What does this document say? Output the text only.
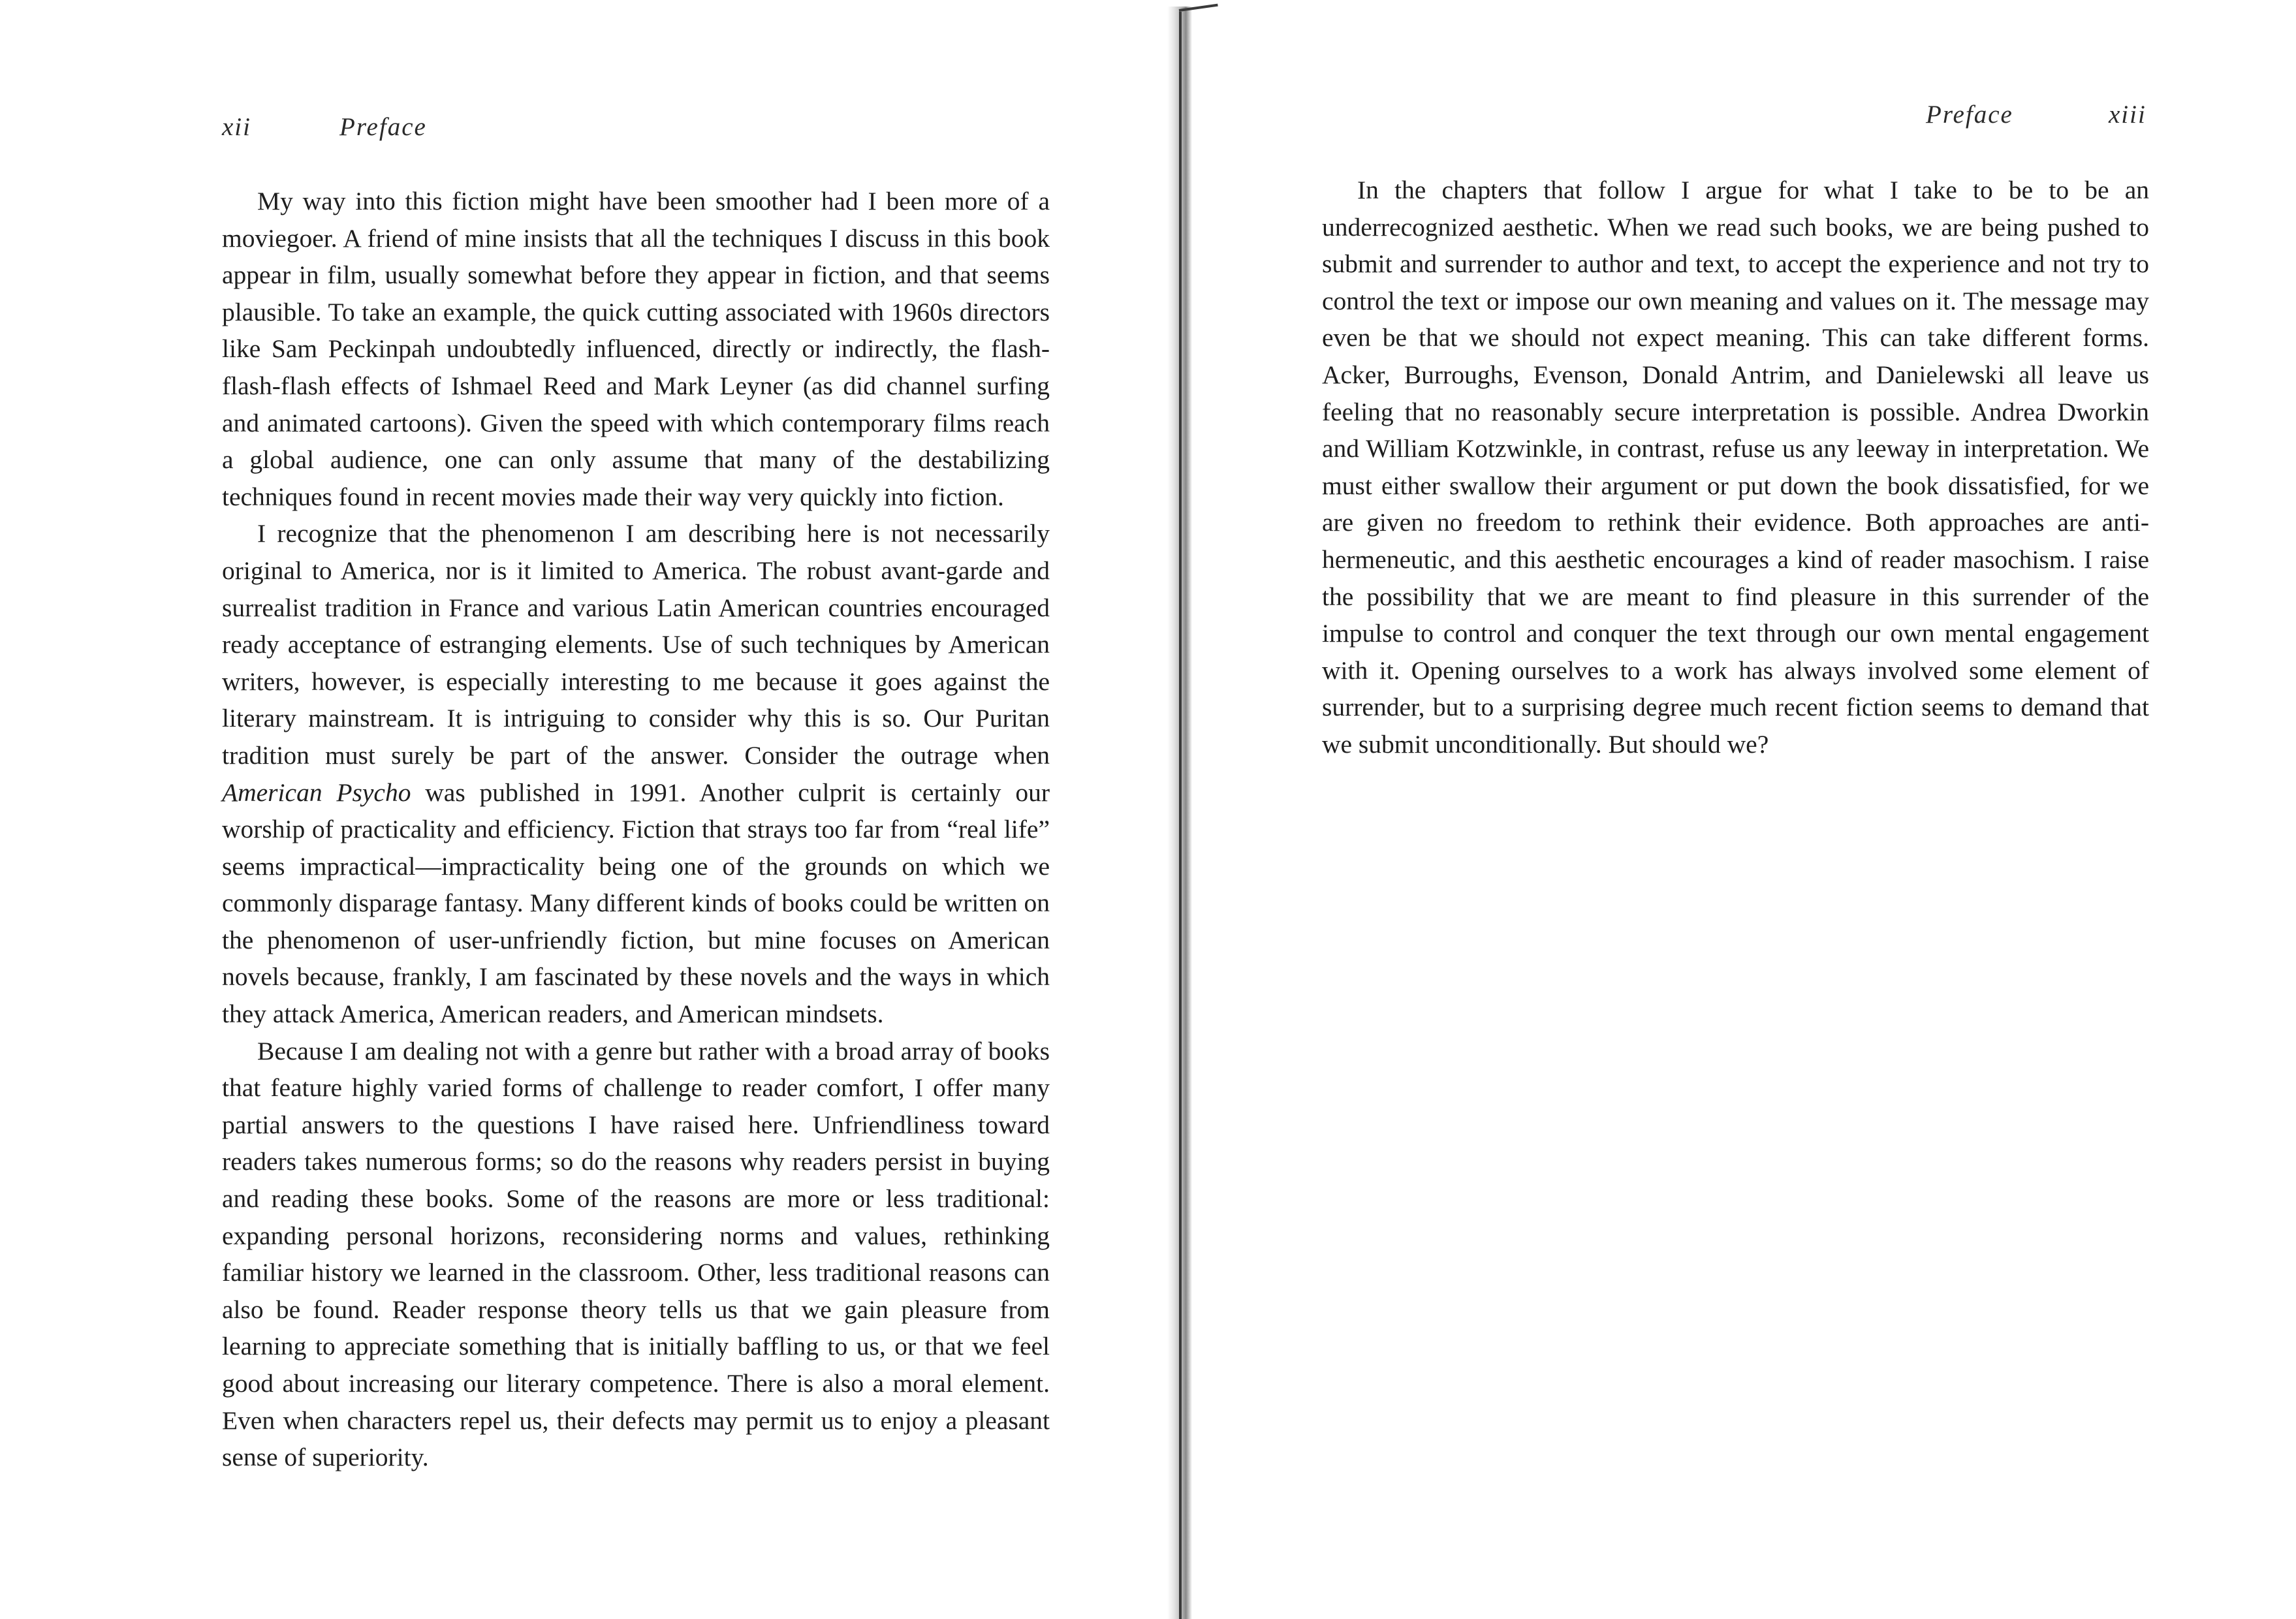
xii	Preface

My way into this fiction might have been smoother had I been more of a moviegoer. A friend of mine insists that all the techniques I discuss in this book appear in film, usually somewhat before they appear in fiction, and that seems plausible. To take an example, the quick cutting associated with 1960s directors like Sam Peckinpah undoubtedly influenced, directly or indirectly, the flash-flash-flash effects of Ishmael Reed and Mark Leyner (as did channel surfing and animated cartoons). Given the speed with which contemporary films reach a global audience, one can only assume that many of the destabilizing techniques found in recent movies made their way very quickly into fiction.

I recognize that the phenomenon I am describing here is not necessarily original to America, nor is it limited to America. The robust avant-garde and surrealist tradition in France and various Latin American countries encouraged ready acceptance of estranging elements. Use of such techniques by American writers, however, is especially interesting to me because it goes against the literary mainstream. It is intriguing to consider why this is so. Our Puritan tradition must surely be part of the answer. Consider the outrage when American Psycho was published in 1991. Another culprit is certainly our worship of practicality and efficiency. Fiction that strays too far from “real life” seems impractical—impracticality being one of the grounds on which we commonly disparage fantasy. Many different kinds of books could be written on the phenomenon of user-unfriendly fiction, but mine focuses on American novels because, frankly, I am fascinated by these novels and the ways in which they attack America, American readers, and American mindsets.

Because I am dealing not with a genre but rather with a broad array of books that feature highly varied forms of challenge to reader comfort, I offer many partial answers to the questions I have raised here. Unfriendliness toward readers takes numerous forms; so do the reasons why readers persist in buying and reading these books. Some of the reasons are more or less traditional: expanding personal horizons, reconsidering norms and values, rethinking familiar history we learned in the classroom. Other, less traditional reasons can also be found. Reader response theory tells us that we gain pleasure from learning to appreciate something that is initially baffling to us, or that we feel good about increasing our literary competence. There is also a moral element. Even when characters repel us, their defects may permit us to enjoy a pleasant sense of superiority.

Preface	xiii

In the chapters that follow I argue for what I take to be to be an underrecognized aesthetic. When we read such books, we are being pushed to submit and surrender to author and text, to accept the experience and not try to control the text or impose our own meaning and values on it. The message may even be that we should not expect meaning. This can take different forms. Acker, Burroughs, Evenson, Donald Antrim, and Danielewski all leave us feeling that no reasonably secure interpretation is possible. Andrea Dworkin and William Kotzwinkle, in contrast, refuse us any leeway in interpretation. We must either swallow their argument or put down the book dissatisfied, for we are given no freedom to rethink their evidence. Both approaches are anti-hermeneutic, and this aesthetic encourages a kind of reader masochism. I raise the possibility that we are meant to find pleasure in this surrender of the impulse to control and conquer the text through our own mental engagement with it. Opening ourselves to a work has always involved some element of surrender, but to a surprising degree much recent fiction seems to demand that we submit unconditionally. But should we?
